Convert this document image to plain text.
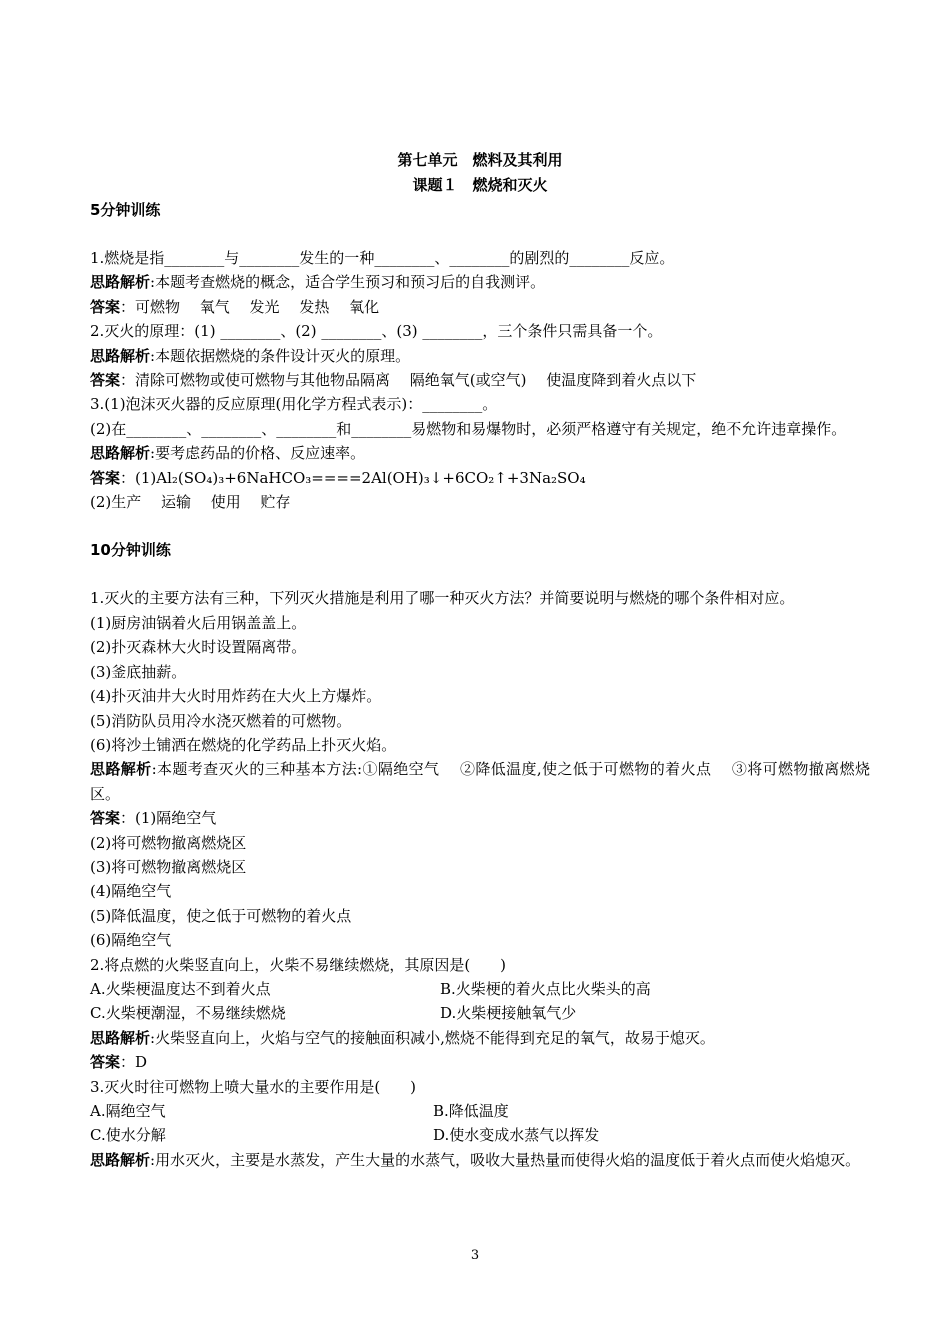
第七单元　燃料及其利用
课题１　燃烧和灭火
5分钟训练
1.燃烧是指________与________发生的一种________、________的剧烈的________反应。
思路解析:本题考查燃烧的概念，适合学生预习和预习后的自我测评。
答案：可燃物　 氧气　 发光　 发热　 氧化
2.灭火的原理：(1) ________、(2) ________、(3) ________，三个条件只需具备一个。
思路解析:本题依据燃烧的条件设计灭火的原理。
答案：清除可燃物或使可燃物与其他物品隔离　 隔绝氧气(或空气)　 使温度降到着火点以下
3.(1)泡沫灭火器的反应原理(用化学方程式表示)：________。
(2)在________、________、________和________易燃物和易爆物时，必须严格遵守有关规定，绝不允许违章操作。
思路解析:要考虑药品的价格、反应速率。
答案：(1)Al₂(SO₄)₃+6NaHCO₃====2Al(OH)₃↓+6CO₂↑+3Na₂SO₄
(2)生产　 运输　 使用　 贮存
10分钟训练
1.灭火的主要方法有三种，下列灭火措施是利用了哪一种灭火方法？并简要说明与燃烧的哪个条件相对应。
(1)厨房油锅着火后用锅盖盖上。
(2)扑灭森林大火时设置隔离带。
(3)釜底抽薪。
(4)扑灭油井大火时用炸药在大火上方爆炸。
(5)消防队员用冷水浇灭燃着的可燃物。
(6)将沙土铺洒在燃烧的化学药品上扑灭火焰。
思路解析:本题考查灭火的三种基本方法:①隔绝空气　 ②降低温度,使之低于可燃物的着火点　 ③将可燃物撤离燃烧区。
答案：(1)隔绝空气
(2)将可燃物撤离燃烧区
(3)将可燃物撤离燃烧区
(4)隔绝空气
(5)降低温度，使之低于可燃物的着火点
(6)隔绝空气
2.将点燃的火柴竖直向上，火柴不易继续燃烧，其原因是(　　)
A.火柴梗温度达不到着火点	B.火柴梗的着火点比火柴头的高
C.火柴梗潮湿，不易继续燃烧	D.火柴梗接触氧气少
思路解析:火柴竖直向上，火焰与空气的接触面积减小,燃烧不能得到充足的氧气，故易于熄灭。
答案：D
3.灭火时往可燃物上喷大量水的主要作用是(　　)
A.隔绝空气	B.降低温度
C.使水分解	D.使水变成水蒸气以挥发
思路解析:用水灭火，主要是水蒸发，产生大量的水蒸气，吸收大量热量而使得火焰的温度低于着火点而使火焰熄灭。
3
